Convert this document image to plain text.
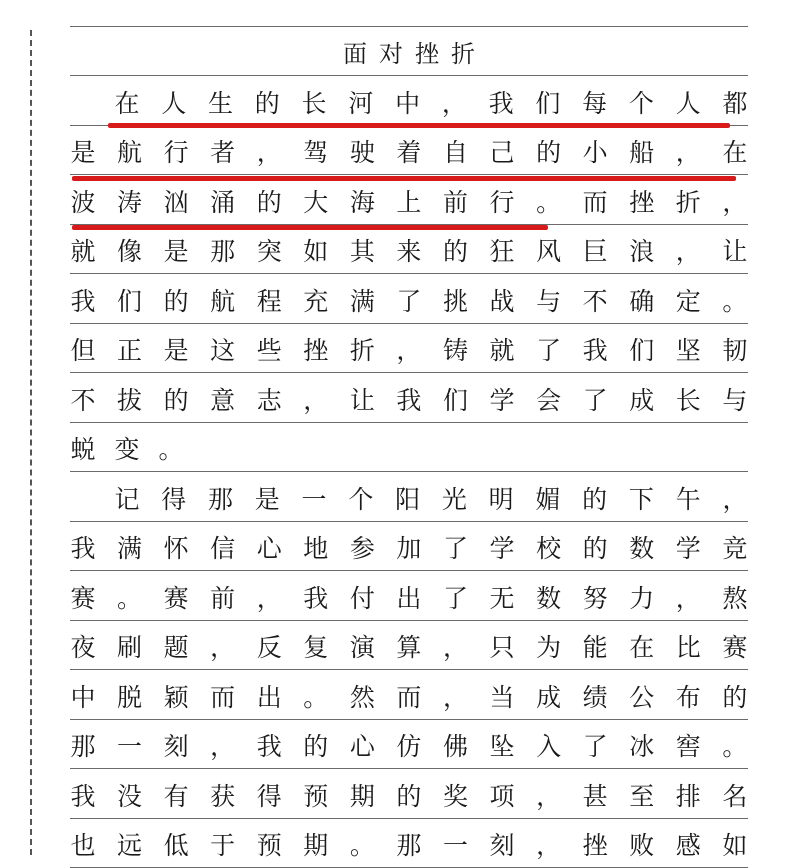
面对挫折
在 人 生 的 长 河 中 ， 我 们 每 个 人 都
是 航 行 者 ， 驾 驶 着 自 己 的 小 船 ， 在
波 涛 汹 涌 的 大 海 上 前 行 。 而 挫 折 ，
就 像 是 那 突 如 其 来 的 狂 风 巨 浪 ， 让
我 们 的 航 程 充 满 了 挑 战 与 不 确 定 。
但 正 是 这 些 挫 折 ， 铸 就 了 我 们 坚 韧
不 拔 的 意 志 ， 让 我 们 学 会 了 成 长 与
蜕 变 。
记 得 那 是 一 个 阳 光 明 媚 的 下 午 ，
我 满 怀 信 心 地 参 加 了 学 校 的 数 学 竞
赛 。 赛 前 ， 我 付 出 了 无 数 努 力 ， 熬
夜 刷 题 ， 反 复 演 算 ， 只 为 能 在 比 赛
中 脱 颖 而 出 。 然 而 ， 当 成 绩 公 布 的
那 一 刻 ， 我 的 心 仿 佛 坠 入 了 冰 窖 。
我 没 有 获 得 预 期 的 奖 项 ， 甚 至 排 名
也 远 低 于 预 期 。 那 一 刻 ， 挫 败 感 如
